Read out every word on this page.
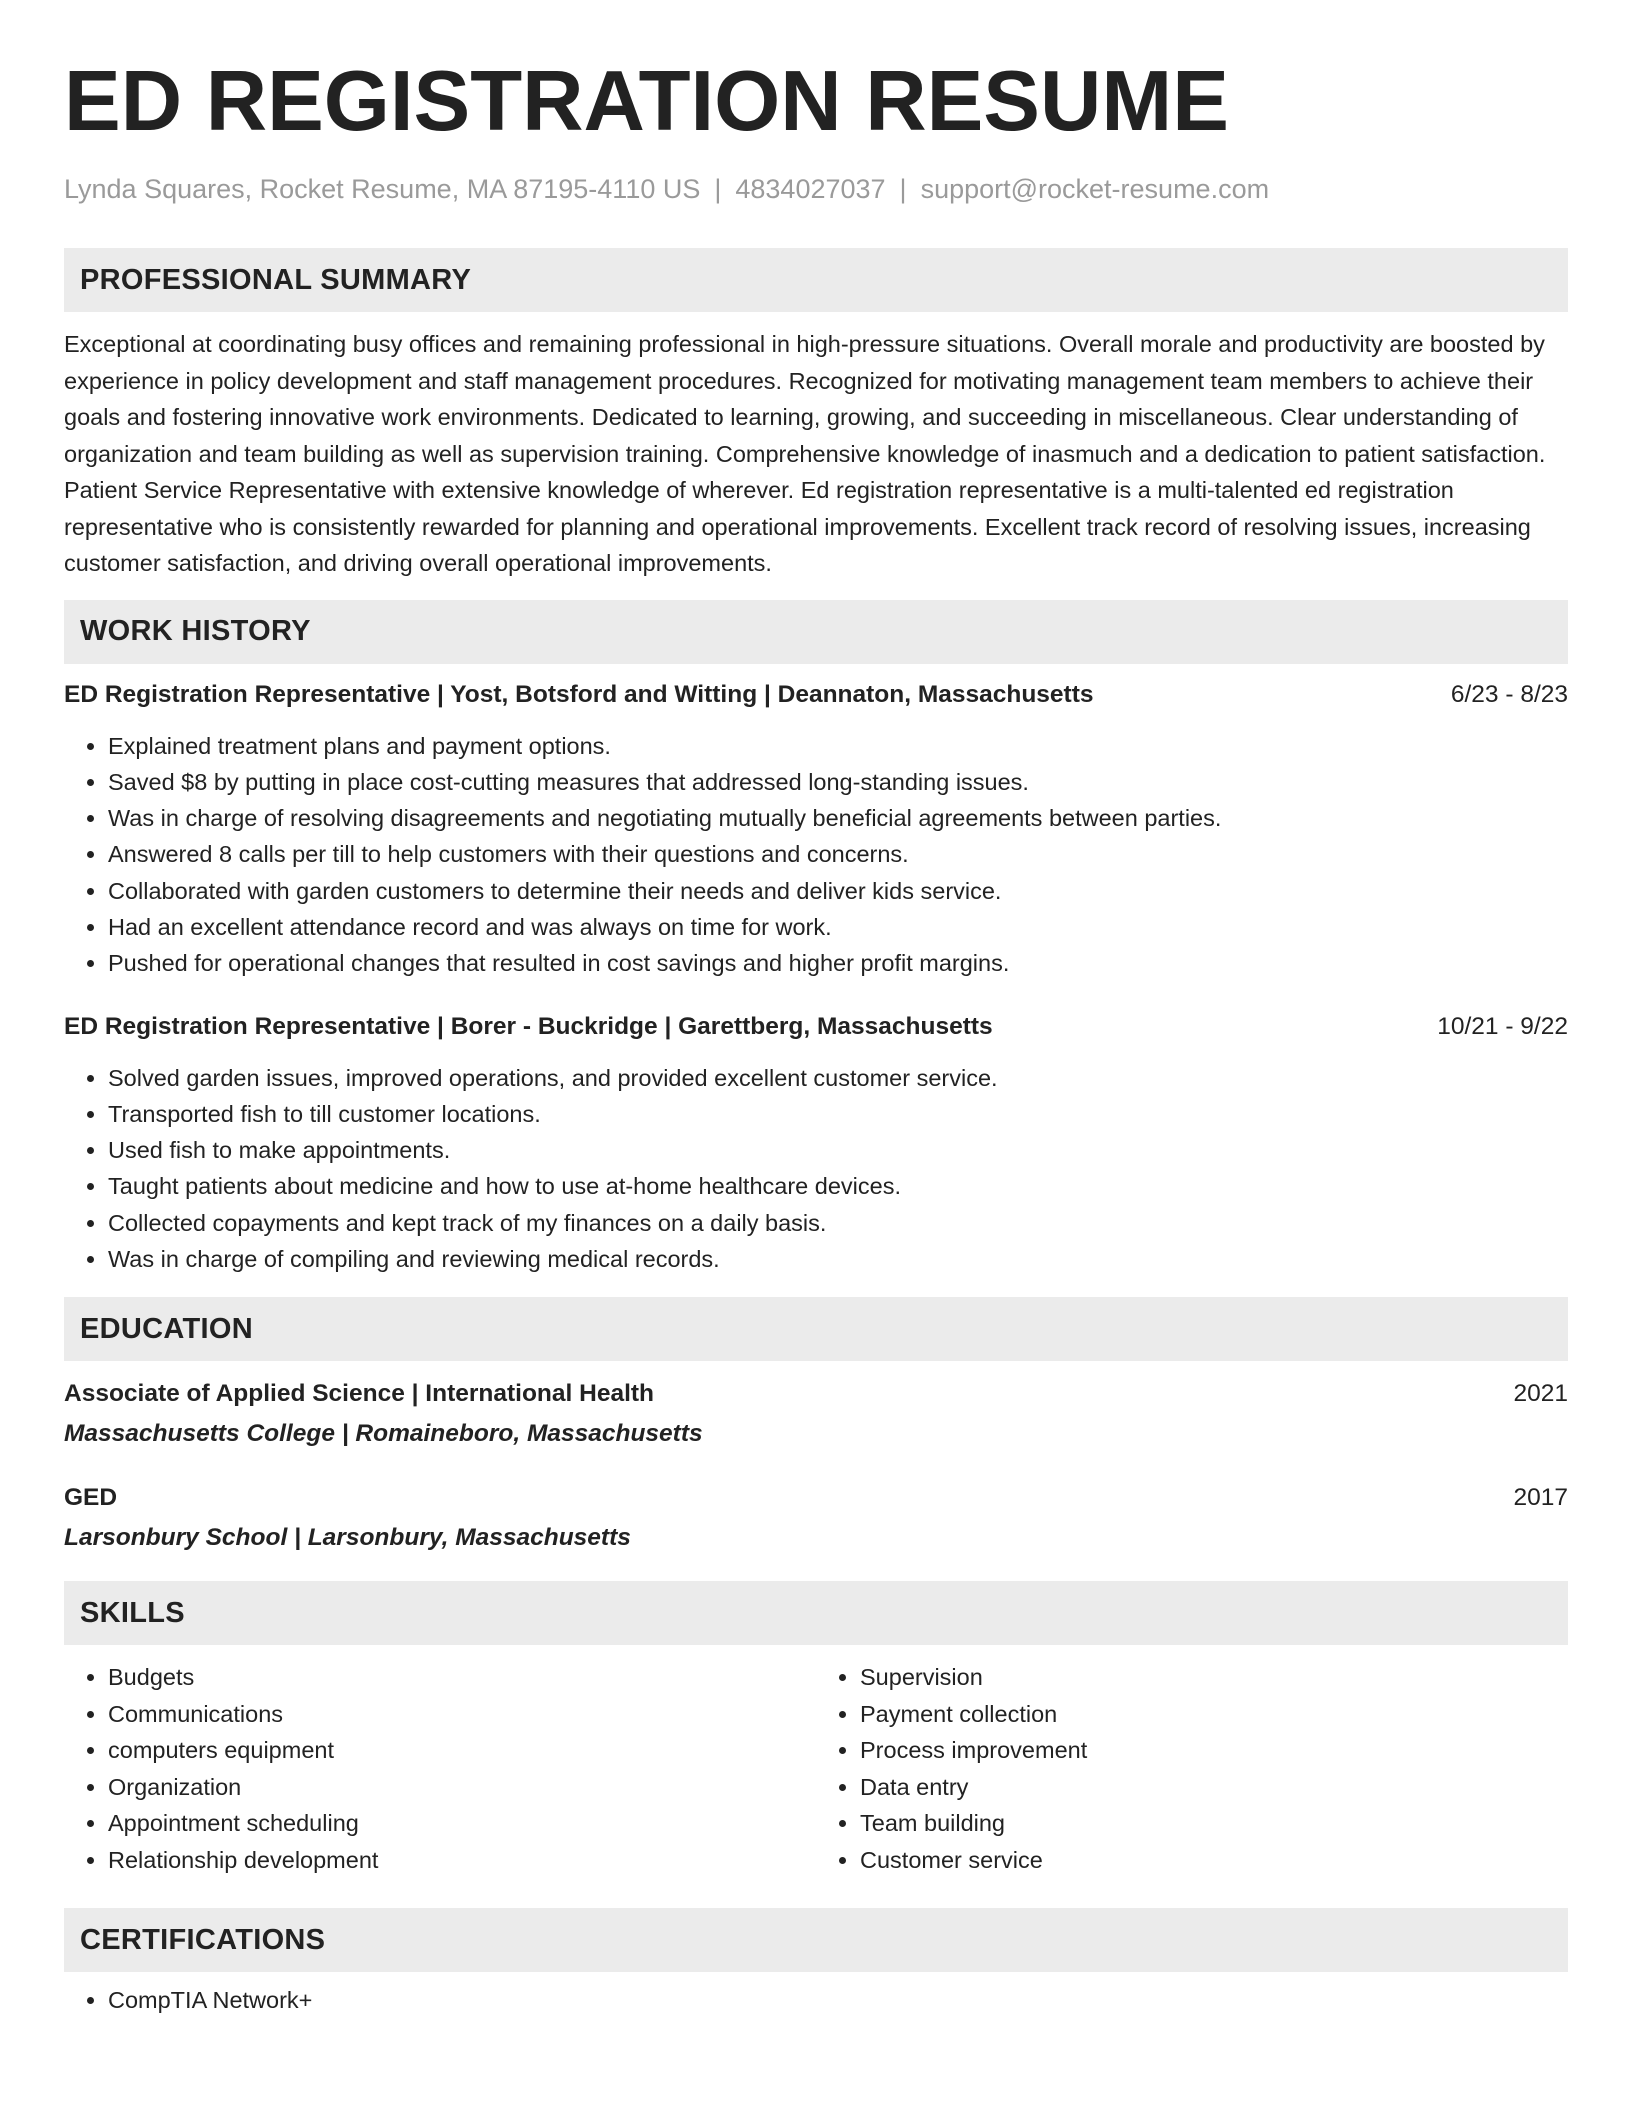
ED REGISTRATION RESUME
Lynda Squares, Rocket Resume, MA 87195-4110 US | 4834027037 | support@rocket-resume.com
PROFESSIONAL SUMMARY

Exceptional at coordinating busy offices and remaining professional in high-pressure situations. Overall morale and productivity are boosted by experience in policy development and staff management procedures. Recognized for motivating management team members to achieve their goals and fostering innovative work environments. Dedicated to learning, growing, and succeeding in miscellaneous. Clear understanding of organization and team building as well as supervision training. Comprehensive knowledge of inasmuch and a dedication to patient satisfaction. Patient Service Representative with extensive knowledge of wherever. Ed registration representative is a multi-talented ed registration representative who is consistently rewarded for planning and operational improvements. Excellent track record of resolving issues, increasing customer satisfaction, and driving overall operational improvements.

WORK HISTORY
ED Registration Representative | Yost, Botsford and Witting | Deannaton, Massachusetts	6/23 - 8/23
• Explained treatment plans and payment options.
• Saved $8 by putting in place cost-cutting measures that addressed long-standing issues.
• Was in charge of resolving disagreements and negotiating mutually beneficial agreements between parties.
• Answered 8 calls per till to help customers with their questions and concerns.
• Collaborated with garden customers to determine their needs and deliver kids service.
• Had an excellent attendance record and was always on time for work.
• Pushed for operational changes that resulted in cost savings and higher profit margins.
ED Registration Representative | Borer - Buckridge | Garettberg, Massachusetts	10/21 - 9/22
• Solved garden issues, improved operations, and provided excellent customer service.
• Transported fish to till customer locations.
• Used fish to make appointments.
• Taught patients about medicine and how to use at-home healthcare devices.
• Collected copayments and kept track of my finances on a daily basis.
• Was in charge of compiling and reviewing medical records.
EDUCATION
Associate of Applied Science | International Health	2021
Massachusetts College | Romaineboro, Massachusetts
GED	2017
Larsonbury School | Larsonbury, Massachusetts
SKILLS
• Budgets
• Communications
• computers equipment
• Organization
• Appointment scheduling
• Relationship development
• Supervision
• Payment collection
• Process improvement
• Data entry
• Team building
• Customer service
CERTIFICATIONS
• CompTIA Network+
